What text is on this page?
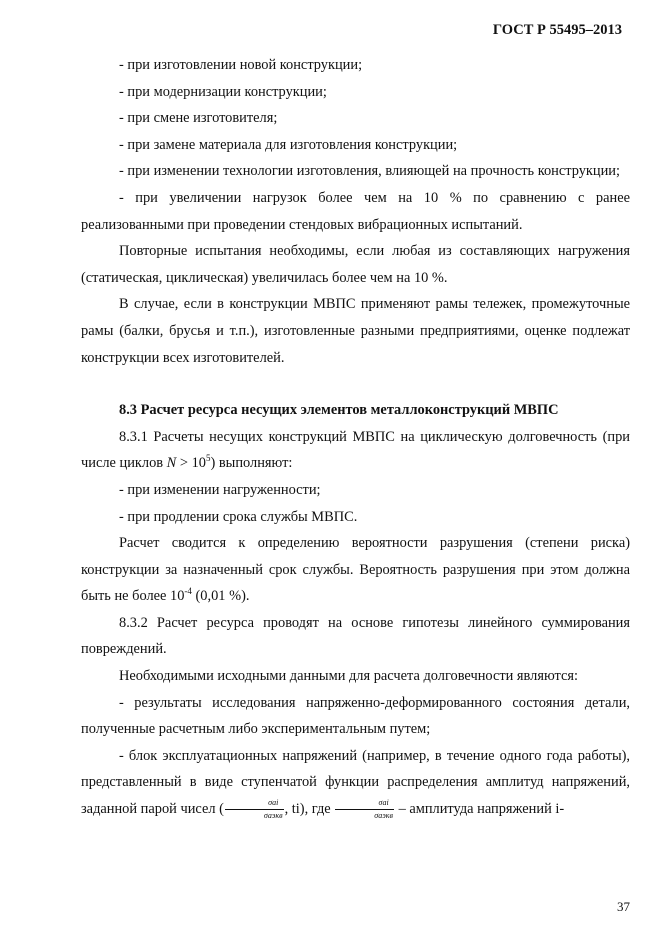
ГОСТ Р 55495–2013

- при изготовлении новой конструкции;

- при модернизации конструкции;

- при смене изготовителя;

- при замене материала для изготовления конструкции;

- при изменении технологии изготовления, влияющей на прочность конструкции;

- при увеличении нагрузок более чем на 10 % по сравнению с ранее реализованными при проведении стендовых вибрационных испытаний.

Повторные испытания необходимы, если любая из составляющих нагружения (статическая, циклическая) увеличилась более чем на 10 %.

В случае, если в конструкции МВПС применяют рамы тележек, промежуточные рамы (балки, брусья и т.п.), изготовленные разными предприятиями, оценке подлежат конструкции всех изготовителей.

8.3 Расчет ресурса несущих элементов металлоконструкций МВПС

8.3.1 Расчеты несущих конструкций МВПС на циклическую долговечность (при числе циклов $N > 10^5$) выполняют:

- при изменении нагруженности;

- при продлении срока службы МВПС.

Расчет сводится к определению вероятности разрушения (степени риска) конструкции за назначенный срок службы. Вероятность разрушения при этом должна быть не более $10^{-4}$ (0,01 %).

8.3.2 Расчет ресурса проводят на основе гипотезы линейного суммирования повреждений.

Необходимыми исходными данными для расчета долговечности являются:

- результаты исследования напряженно-деформированного состояния детали, полученные расчетным либо экспериментальным путем;

- блок эксплуатационных напряжений (например, в течение одного года работы), представленный в виде ступенчатой функции распределения амплитуд напряжений, заданной парой чисел ( $\frac{\text{σai}}{\text{σaэкв}}$ , ti), где $\frac{\text{σai}}{\text{σaэкв}}$ – амплитуда напряжений i-

37
